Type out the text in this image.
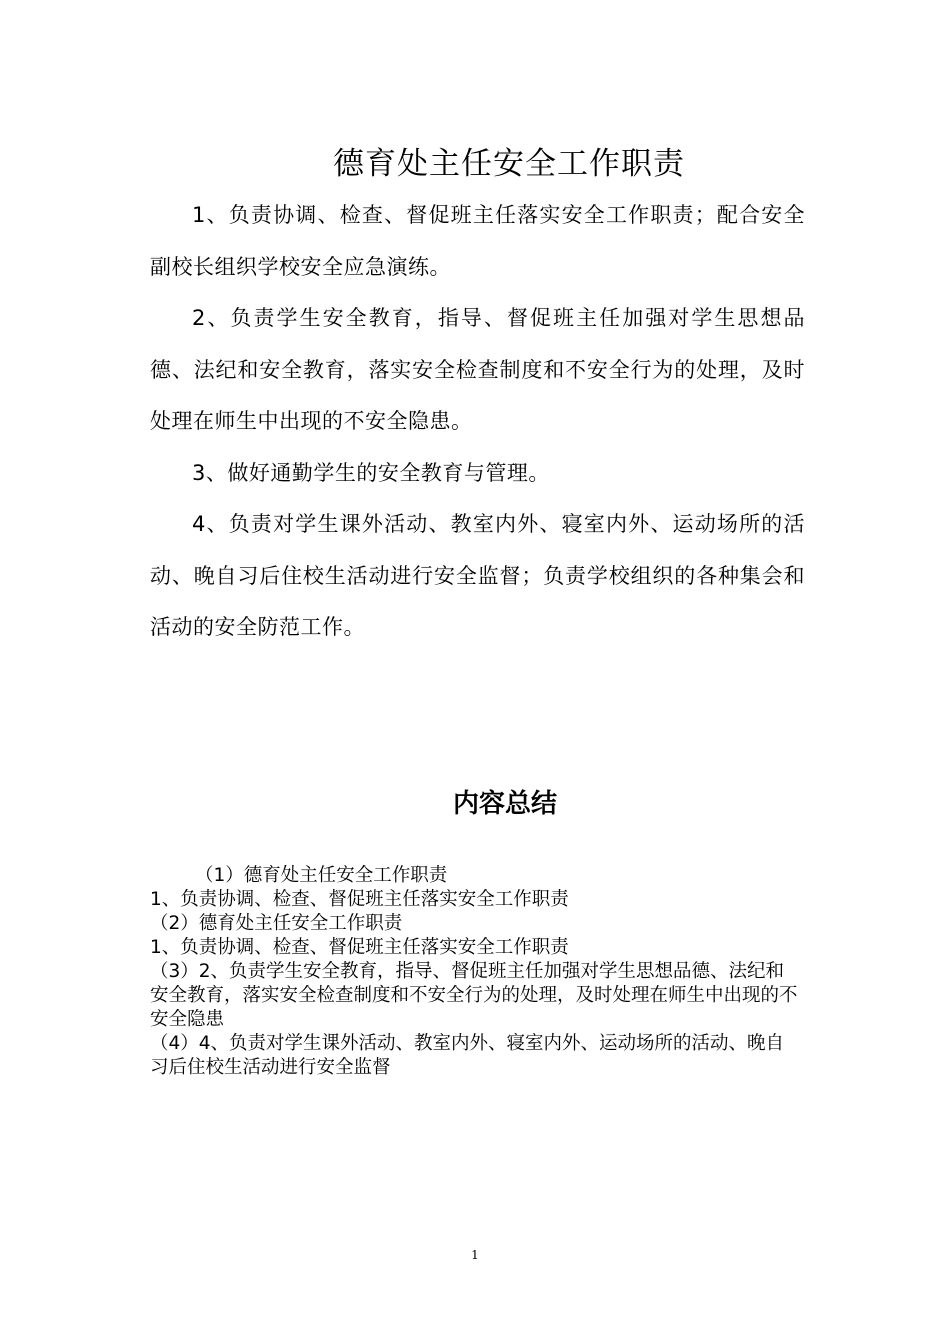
德育处主任安全工作职责

1、负责协调、检查、督促班主任落实安全工作职责；配合安全副校长组织学校安全应急演练。

2、负责学生安全教育，指导、督促班主任加强对学生思想品德、法纪和安全教育，落实安全检查制度和不安全行为的处理，及时处理在师生中出现的不安全隐患。

3、做好通勤学生的安全教育与管理。

4、负责对学生课外活动、教室内外、寝室内外、运动场所的活动、晚自习后住校生活动进行安全监督；负责学校组织的各种集会和活动的安全防范工作。

内容总结

（1）德育处主任安全工作职责

1、负责协调、检查、督促班主任落实安全工作职责

（2）德育处主任安全工作职责

1、负责协调、检查、督促班主任落实安全工作职责

（3）2、负责学生安全教育，指导、督促班主任加强对学生思想品德、法纪和安全教育，落实安全检查制度和不安全行为的处理，及时处理在师生中出现的不安全隐患

（4）4、负责对学生课外活动、教室内外、寝室内外、运动场所的活动、晚自习后住校生活动进行安全监督

1
